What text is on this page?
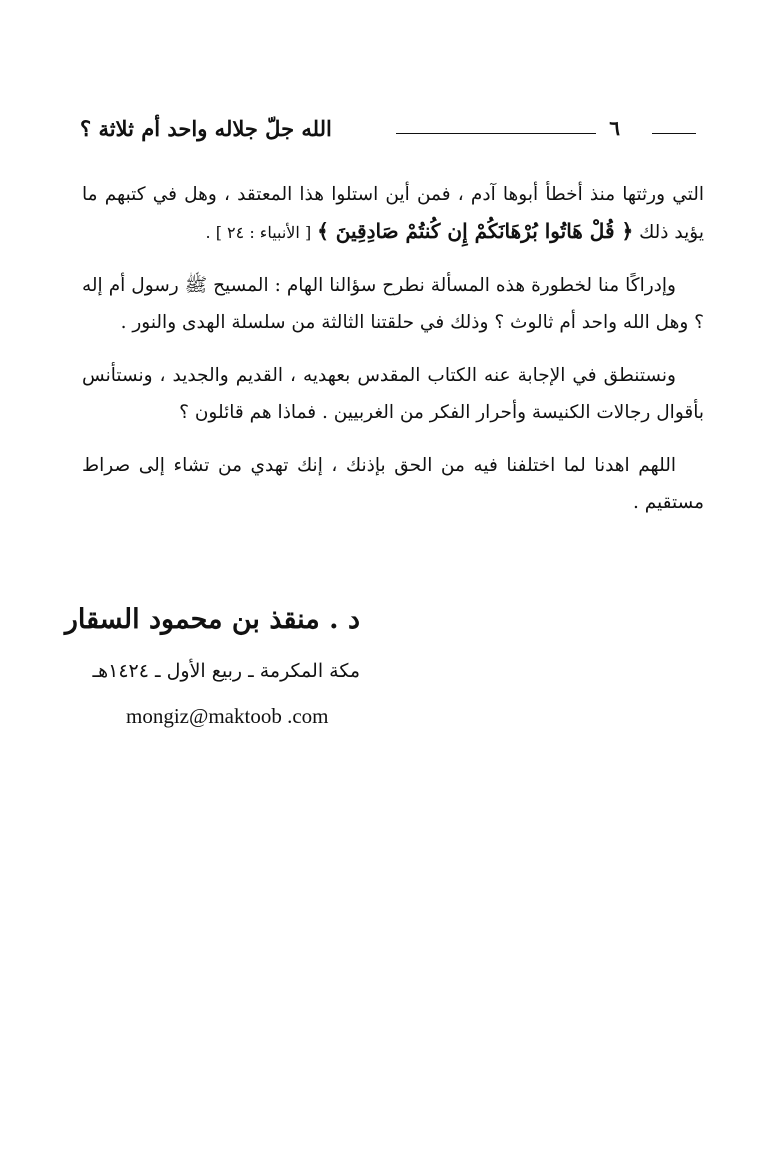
٦
الله جلّ جلاله واحد أم ثلاثة ؟

التي ورثتها منذ أخطأ أبوها آدم ، فمن أين استلوا هذا المعتقد ، وهل في كتبهم ما يؤيد ذلك ﴿ قُلْ هَاتُوا بُرْهَانَكُمْ إِن كُنتُمْ صَادِقِينَ ﴾ [ الأنبياء : ٢٤ ] .

وإدراكًا منا لخطورة هذه المسألة نطرح سؤالنا الهام : المسيح ﷺ رسول أم إله ؟ وهل الله واحد أم ثالوث ؟ وذلك في حلقتنا الثالثة من سلسلة الهدى والنور .

ونستنطق في الإجابة عنه الكتاب المقدس بعهديه ، القديم والجديد ، ونستأنس بأقوال رجالات الكنيسة وأحرار الفكر من الغربيين . فماذا هم قائلون ؟

اللهم اهدنا لما اختلفنا فيه من الحق بإذنك ، إنك تهدي من تشاء إلى صراط مستقيم .

د . منقذ بن محمود السقار
مكة المكرمة ـ ربيع الأول ـ ١٤٢٤هـ
mongiz@maktoob .com
